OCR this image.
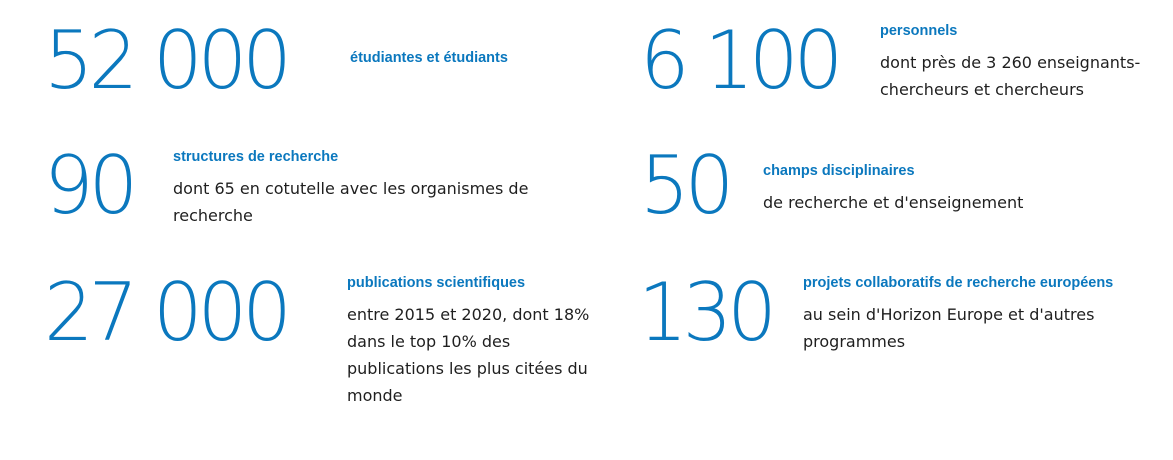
52 000	étudiantes et étudiants	6 100	personnels
dont près de 3 260 enseignants-chercheurs et chercheurs
90	structures de recherche
dont 65 en cotutelle avec les organismes de recherche	50 champs disciplinaires
de recherche et d'enseignement
27 000	publications scientifiques
entre 2015 et 2020, dont 18% dans le top 10% des publications les plus citées du monde
130 projets collaboratifs de recherche européens
au sein d'Horizon Europe et d'autres programmes
